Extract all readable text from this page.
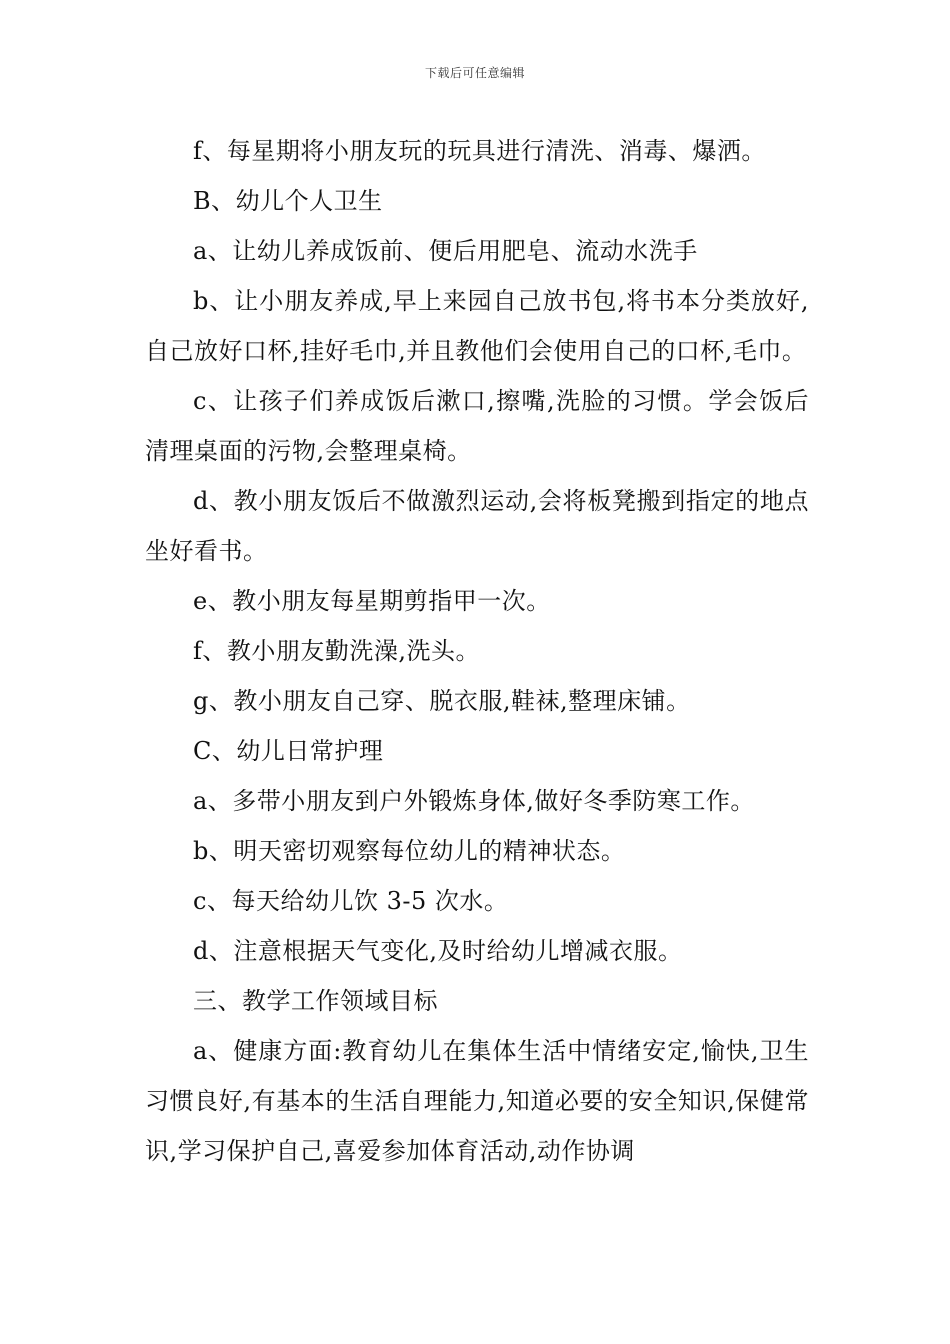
下载后可任意编辑

f、每星期将小朋友玩的玩具进行清洗、消毒、爆洒。

B、幼儿个人卫生

a、让幼儿养成饭前、便后用肥皂、流动水洗手

b、让小朋友养成,早上来园自己放书包,将书本分类放好,自己放好口杯,挂好毛巾,并且教他们会使用自己的口杯,毛巾。

c、让孩子们养成饭后漱口,擦嘴,洗脸的习惯。学会饭后清理桌面的污物,会整理桌椅。

d、教小朋友饭后不做激烈运动,会将板凳搬到指定的地点坐好看书。

e、教小朋友每星期剪指甲一次。

f、教小朋友勤洗澡,洗头。

g、教小朋友自己穿、脱衣服,鞋袜,整理床铺。

C、幼儿日常护理

a、多带小朋友到户外锻炼身体,做好冬季防寒工作。

b、明天密切观察每位幼儿的精神状态。

c、每天给幼儿饮 3-5 次水。

d、注意根据天气变化,及时给幼儿增减衣服。

三、教学工作领域目标

a、健康方面:教育幼儿在集体生活中情绪安定,愉快,卫生习惯良好,有基本的生活自理能力,知道必要的安全知识,保健常识,学习保护自己,喜爱参加体育活动,动作协调
